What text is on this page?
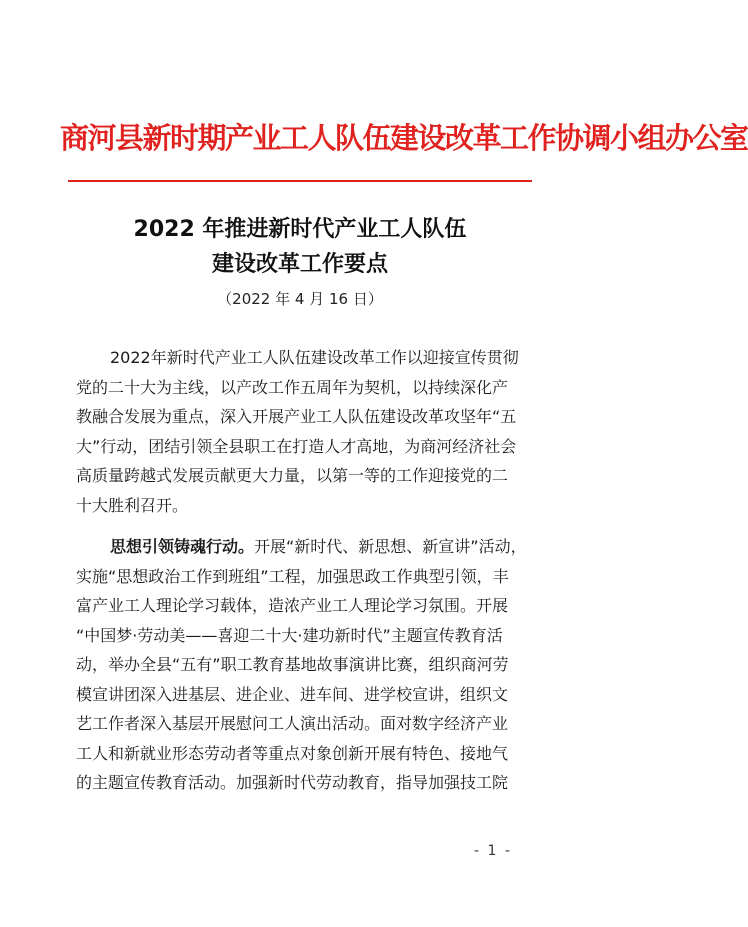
商河县新时期产业工人队伍建设改革工作协调小组办公室
2022 年推进新时代产业工人队伍
建设改革工作要点
（2022 年 4 月 16 日）
2022年新时代产业工人队伍建设改革工作以迎接宣传贯彻
党的二十大为主线，以产改工作五周年为契机，以持续深化产
教融合发展为重点，深入开展产业工人队伍建设改革攻坚年“五
大”行动，团结引领全县职工在打造人才高地，为商河经济社会
高质量跨越式发展贡献更大力量，以第一等的工作迎接党的二
十大胜利召开。
思想引领铸魂行动。开展“新时代、新思想、新宣讲”活动，
实施“思想政治工作到班组”工程，加强思政工作典型引领，丰
富产业工人理论学习载体，造浓产业工人理论学习氛围。开展
“中国梦·劳动美——喜迎二十大·建功新时代”主题宣传教育活
动，举办全县“五有”职工教育基地故事演讲比赛，组织商河劳
模宣讲团深入进基层、进企业、进车间、进学校宣讲，组织文
艺工作者深入基层开展慰问工人演出活动。面对数字经济产业
工人和新就业形态劳动者等重点对象创新开展有特色、接地气
的主题宣传教育活动。加强新时代劳动教育，指导加强技工院
- 1 -
